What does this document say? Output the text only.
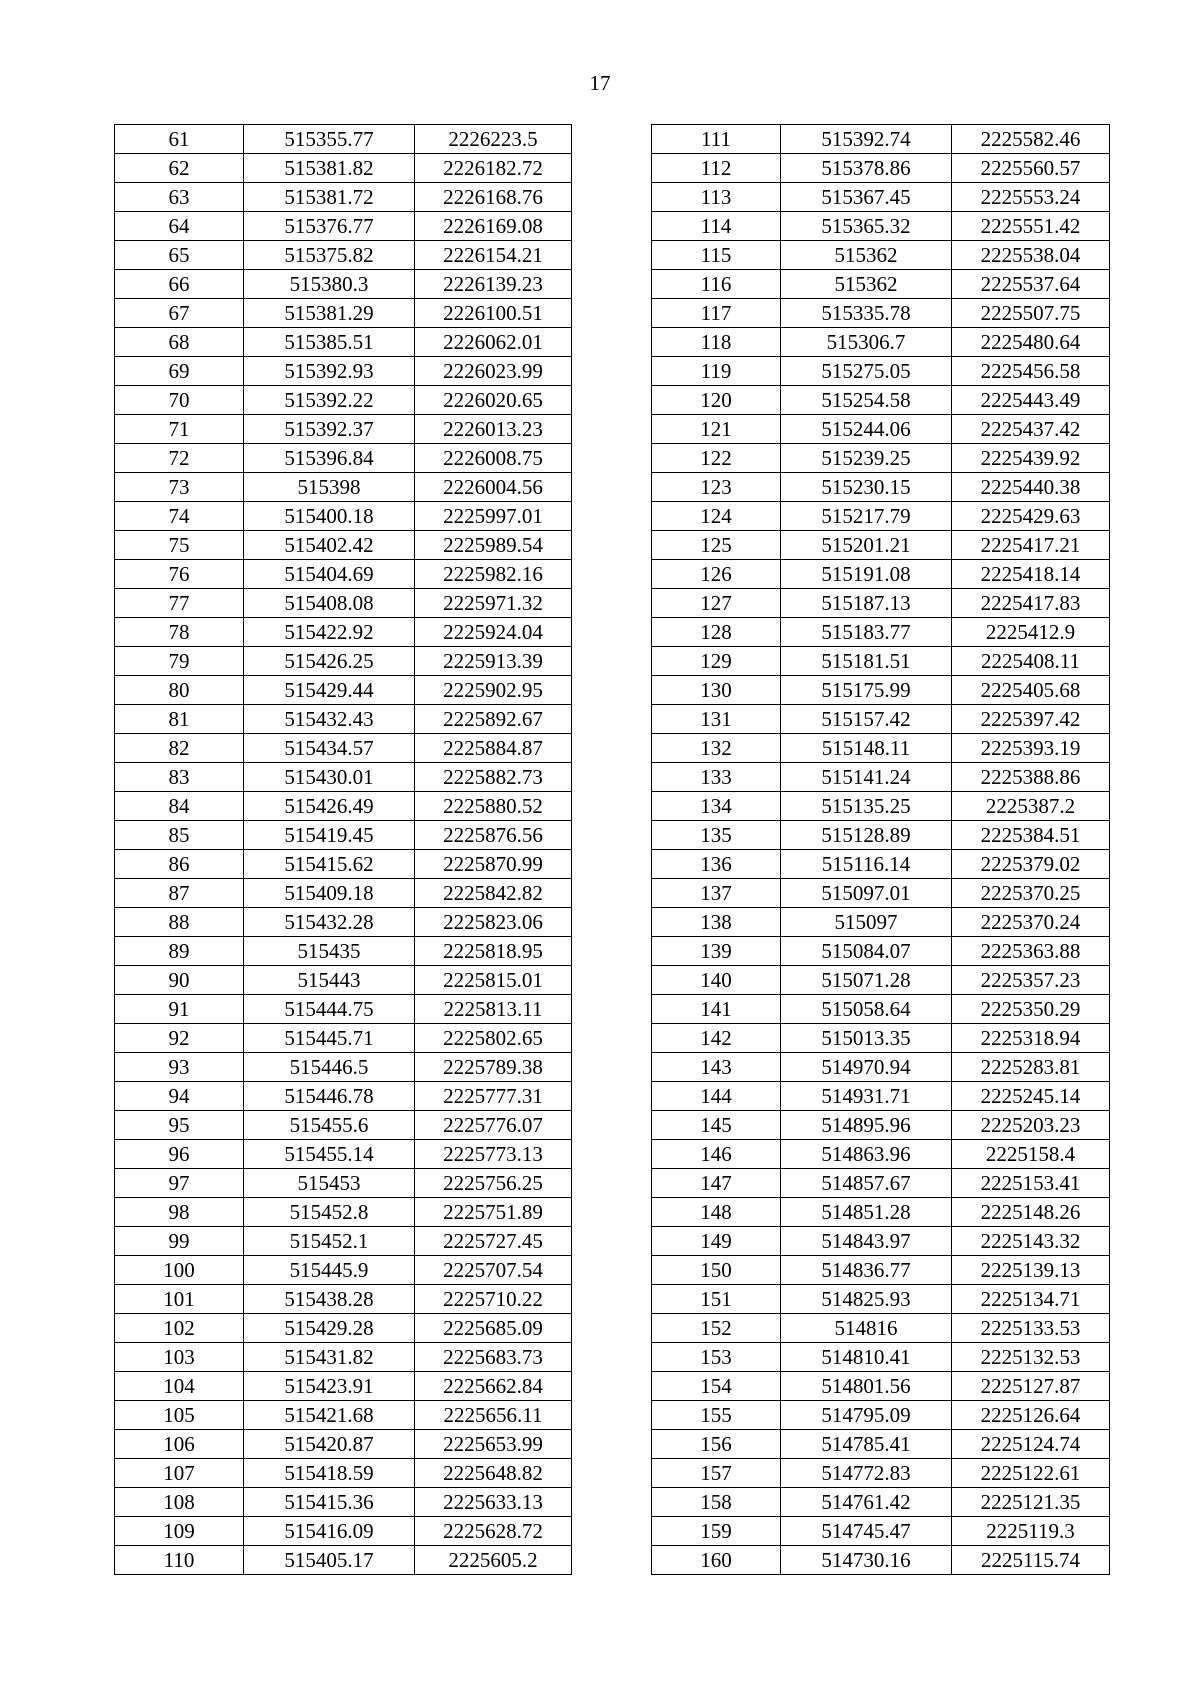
17
61	515355.77	2226223.5
62	515381.82	2226182.72
63	515381.72	2226168.76
64	515376.77	2226169.08
65	515375.82	2226154.21
66	515380.3	2226139.23
67	515381.29	2226100.51
68	515385.51	2226062.01
69	515392.93	2226023.99
70	515392.22	2226020.65
71	515392.37	2226013.23
72	515396.84	2226008.75
73	515398	2226004.56
74	515400.18	2225997.01
75	515402.42	2225989.54
76	515404.69	2225982.16
77	515408.08	2225971.32
78	515422.92	2225924.04
79	515426.25	2225913.39
80	515429.44	2225902.95
81	515432.43	2225892.67
82	515434.57	2225884.87
83	515430.01	2225882.73
84	515426.49	2225880.52
85	515419.45	2225876.56
86	515415.62	2225870.99
87	515409.18	2225842.82
88	515432.28	2225823.06
89	515435	2225818.95
90	515443	2225815.01
91	515444.75	2225813.11
92	515445.71	2225802.65
93	515446.5	2225789.38
94	515446.78	2225777.31
95	515455.6	2225776.07
96	515455.14	2225773.13
97	515453	2225756.25
98	515452.8	2225751.89
99	515452.1	2225727.45
100	515445.9	2225707.54
101	515438.28	2225710.22
102	515429.28	2225685.09
103	515431.82	2225683.73
104	515423.91	2225662.84
105	515421.68	2225656.11
106	515420.87	2225653.99
107	515418.59	2225648.82
108	515415.36	2225633.13
109	515416.09	2225628.72
110	515405.17	2225605.2
111	515392.74	2225582.46
112	515378.86	2225560.57
113	515367.45	2225553.24
114	515365.32	2225551.42
115	515362	2225538.04
116	515362	2225537.64
117	515335.78	2225507.75
118	515306.7	2225480.64
119	515275.05	2225456.58
120	515254.58	2225443.49
121	515244.06	2225437.42
122	515239.25	2225439.92
123	515230.15	2225440.38
124	515217.79	2225429.63
125	515201.21	2225417.21
126	515191.08	2225418.14
127	515187.13	2225417.83
128	515183.77	2225412.9
129	515181.51	2225408.11
130	515175.99	2225405.68
131	515157.42	2225397.42
132	515148.11	2225393.19
133	515141.24	2225388.86
134	515135.25	2225387.2
135	515128.89	2225384.51
136	515116.14	2225379.02
137	515097.01	2225370.25
138	515097	2225370.24
139	515084.07	2225363.88
140	515071.28	2225357.23
141	515058.64	2225350.29
142	515013.35	2225318.94
143	514970.94	2225283.81
144	514931.71	2225245.14
145	514895.96	2225203.23
146	514863.96	2225158.4
147	514857.67	2225153.41
148	514851.28	2225148.26
149	514843.97	2225143.32
150	514836.77	2225139.13
151	514825.93	2225134.71
152	514816	2225133.53
153	514810.41	2225132.53
154	514801.56	2225127.87
155	514795.09	2225126.64
156	514785.41	2225124.74
157	514772.83	2225122.61
158	514761.42	2225121.35
159	514745.47	2225119.3
160	514730.16	2225115.74
